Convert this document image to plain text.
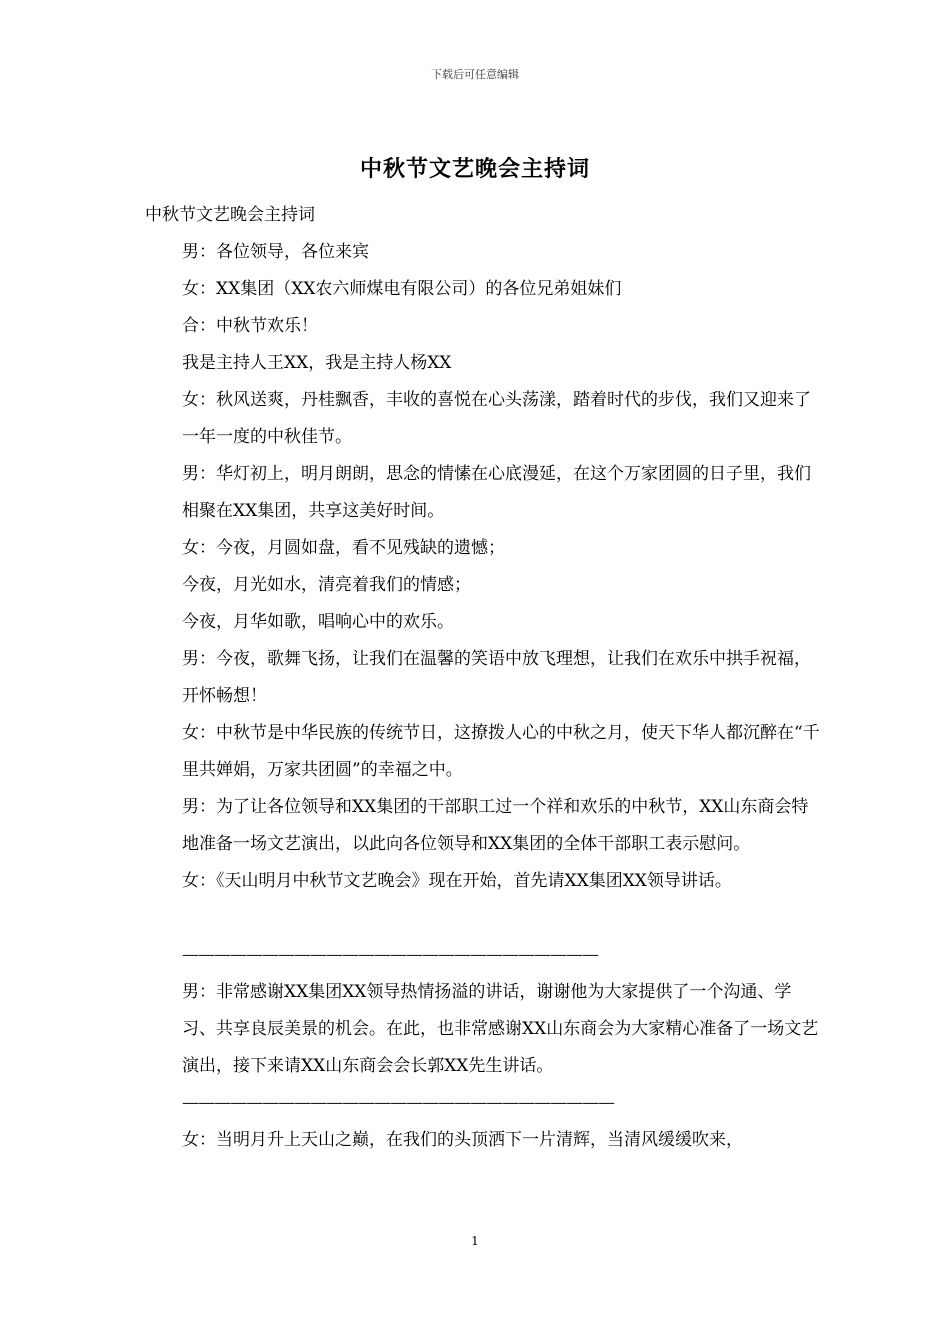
下载后可任意编辑
中秋节文艺晚会主持词

中秋节文艺晚会主持词

男：各位领导，各位来宾

女：XX集团（XX农六师煤电有限公司）的各位兄弟姐妹们

合：中秋节欢乐！

我是主持人王XX，我是主持人杨XX

女：秋风送爽，丹桂飘香，丰收的喜悦在心头荡漾，踏着时代的步伐，我们又迎来了一年一度的中秋佳节。

男：华灯初上，明月朗朗，思念的情愫在心底漫延，在这个万家团圆的日子里，我们相聚在XX集团，共享这美好时间。

女：今夜，月圆如盘，看不见残缺的遗憾；

今夜，月光如水，清亮着我们的情感；

今夜，月华如歌，唱响心中的欢乐。

男：今夜，歌舞飞扬，让我们在温馨的笑语中放飞理想，让我们在欢乐中拱手祝福，开怀畅想！

女：中秋节是中华民族的传统节日，这撩拨人心的中秋之月，使天下华人都沉醉在“千里共婵娟，万家共团圆”的幸福之中。

男：为了让各位领导和XX集团的干部职工过一个祥和欢乐的中秋节，XX山东商会特地准备一场文艺演出，以此向各位领导和XX集团的全体干部职工表示慰问。

女：《天山明月中秋节文艺晚会》现在开始，首先请XX集团XX领导讲话。

——————————————————————————

男：非常感谢XX集团XX领导热情扬溢的讲话，谢谢他为大家提供了一个沟通、学习、共享良辰美景的机会。在此，也非常感谢XX山东商会为大家精心准备了一场文艺演出，接下来请XX山东商会会长郭XX先生讲话。

———————————————————————————

女：当明月升上天山之巅，在我们的头顶洒下一片清辉，当清风缓缓吹来，

1
